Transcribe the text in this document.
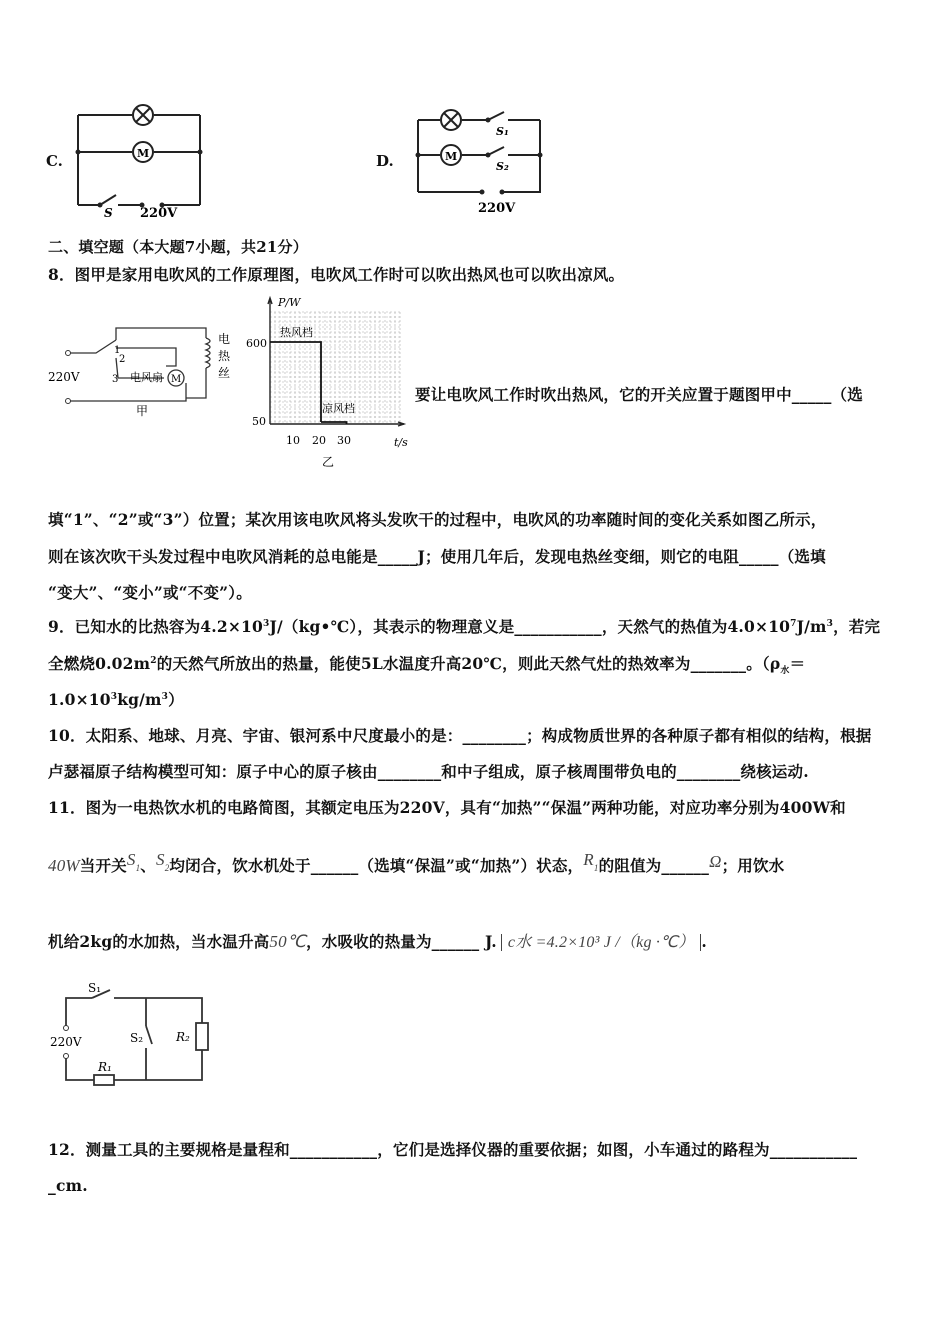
C.	M
S 220V
D.	M
S₁
S₂
220V
二、填空题（本大题7小题，共21分）
8．图甲是家用电吹风的工作原理图，电吹风工作时可以吹出热风也可以吹出凉风。
220V
1
2
3 电风扇 M
电
热
丝
甲
P/W
t/s
600
50
10 20 30
热风档
凉风档
乙
要让电吹风工作时吹出热风，它的开关应置于题图甲中_____（选
填“1”、“2”或“3”）位置；某次用该电吹风将头发吹干的过程中，电吹风的功率随时间的变化关系如图乙所示，
则在该次吹干头发过程中电吹风消耗的总电能是_____J；使用几年后，发现电热丝变细，则它的电阻_____（选填
“变大”、“变小”或“不变”）。
9．已知水的比热容为$4.2\times 10^3J/(kg•℃)$，其表示的物理意义是___________，天然气的热值为$4.0\times 10^7J/m^3$，若完
全燃烧$0.02m^2$的天然气所放出的热量，能使5L水温度升高20℃，则此天然气灶的热效率为_______。（$\rho_水=$
$1.0\times 10^3kg/m^3$）
10．太阳系、地球、月亮、宇宙、银河系中尺度最小的是：________；构成物质世界的各种原子都有相似的结构，根据
卢瑟福原子结构模型可知：原子中心的原子核由________和中子组成，原子核周围带负电的________绕核运动.
11．图为一电热饮水机的电路简图，其额定电压为220V，具有“加热”“保温”两种功能，对应功率分别为400W和
40W当开关$S_1$、$S_2$均闭合，饮水机处于______（选填“保温”或“加热”）状态，$R_1$的阻值为______Ω；用饮水
机给2kg的水加热，当水温升高50℃，水吸收的热量为______ J. c水 =4.2×10³ J /（kg ·℃） .
S₁
S₂
220V
R₁
R₂
12．测量工具的主要规格是量程和___________，它们是选择仪器的重要依据；如图，小车通过的路程为___________
_cm.
